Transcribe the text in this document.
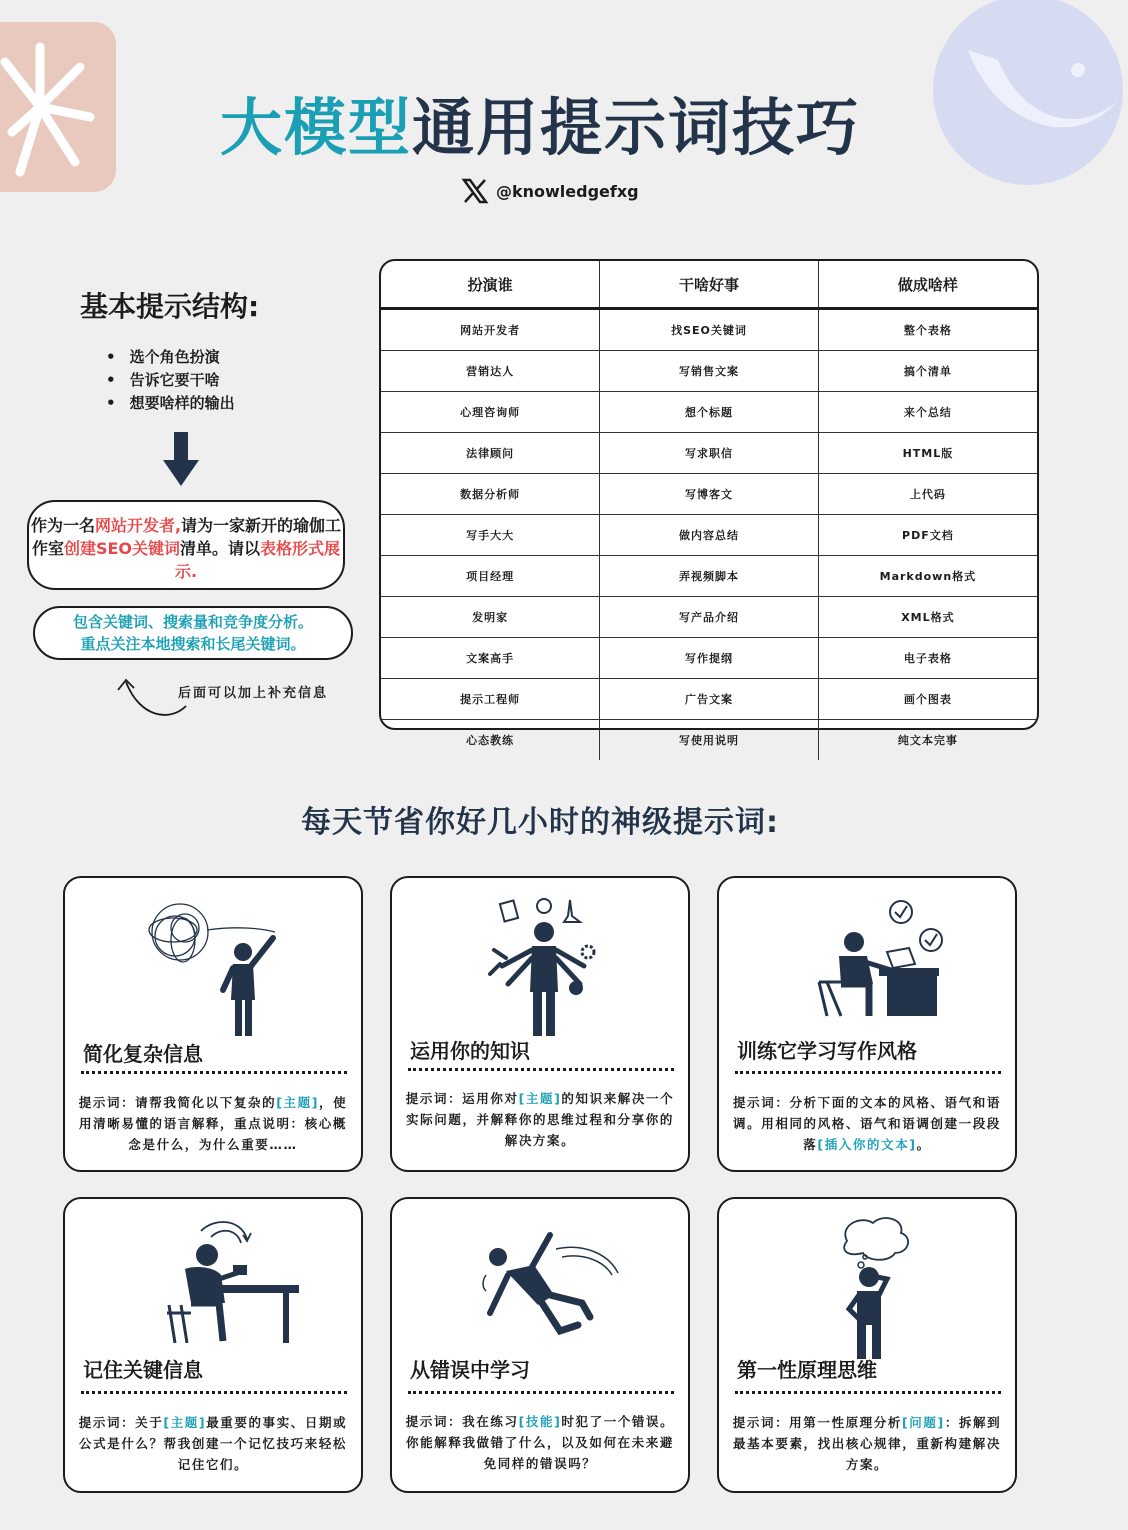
大模型通用提示词技巧
@knowledgefxg
基本提示结构:
• 选个角色扮演
• 告诉它要干啥
• 想要啥样的输出
作为一名网站开发者,请为一家新开的瑜伽工作室创建SEO关键词清单。请以表格形式展示.
包含关键词、搜索量和竞争度分析。
重点关注本地搜索和长尾关键词。
后面可以加上补充信息
扮演谁	干啥好事	做成啥样
网站开发者	找SEO关键词	整个表格
营销达人	写销售文案	搞个清单
心理咨询师	想个标题	来个总结
法律顾问	写求职信	HTML版
数据分析师	写博客文	上代码
写手大大	做内容总结	PDF文档
项目经理	弄视频脚本	Markdown格式
发明家	写产品介绍	XML格式
文案高手	写作提纲	电子表格
提示工程师	广告文案	画个图表
心态教练	写使用说明	纯文本完事
每天节省你好几小时的神级提示词:
简化复杂信息
提示词：请帮我简化以下复杂的[主题]，使用清晰易懂的语言解释，重点说明：核心概念是什么，为什么重要……
运用你的知识
提示词：运用你对[主题]的知识来解决一个实际问题，并解释你的思维过程和分享你的解决方案。
训练它学习写作风格
提示词：分析下面的文本的风格、语气和语调。用相同的风格、语气和语调创建一段段落[插入你的文本]。
记住关键信息
提示词：关于[主题]最重要的事实、日期或公式是什么？帮我创建一个记忆技巧来轻松记住它们。
从错误中学习
提示词：我在练习[技能]时犯了一个错误。你能解释我做错了什么，以及如何在未来避免同样的错误吗？
第一性原理思维
提示词：用第一性原理分析[问题]：拆解到最基本要素，找出核心规律，重新构建解决方案。
